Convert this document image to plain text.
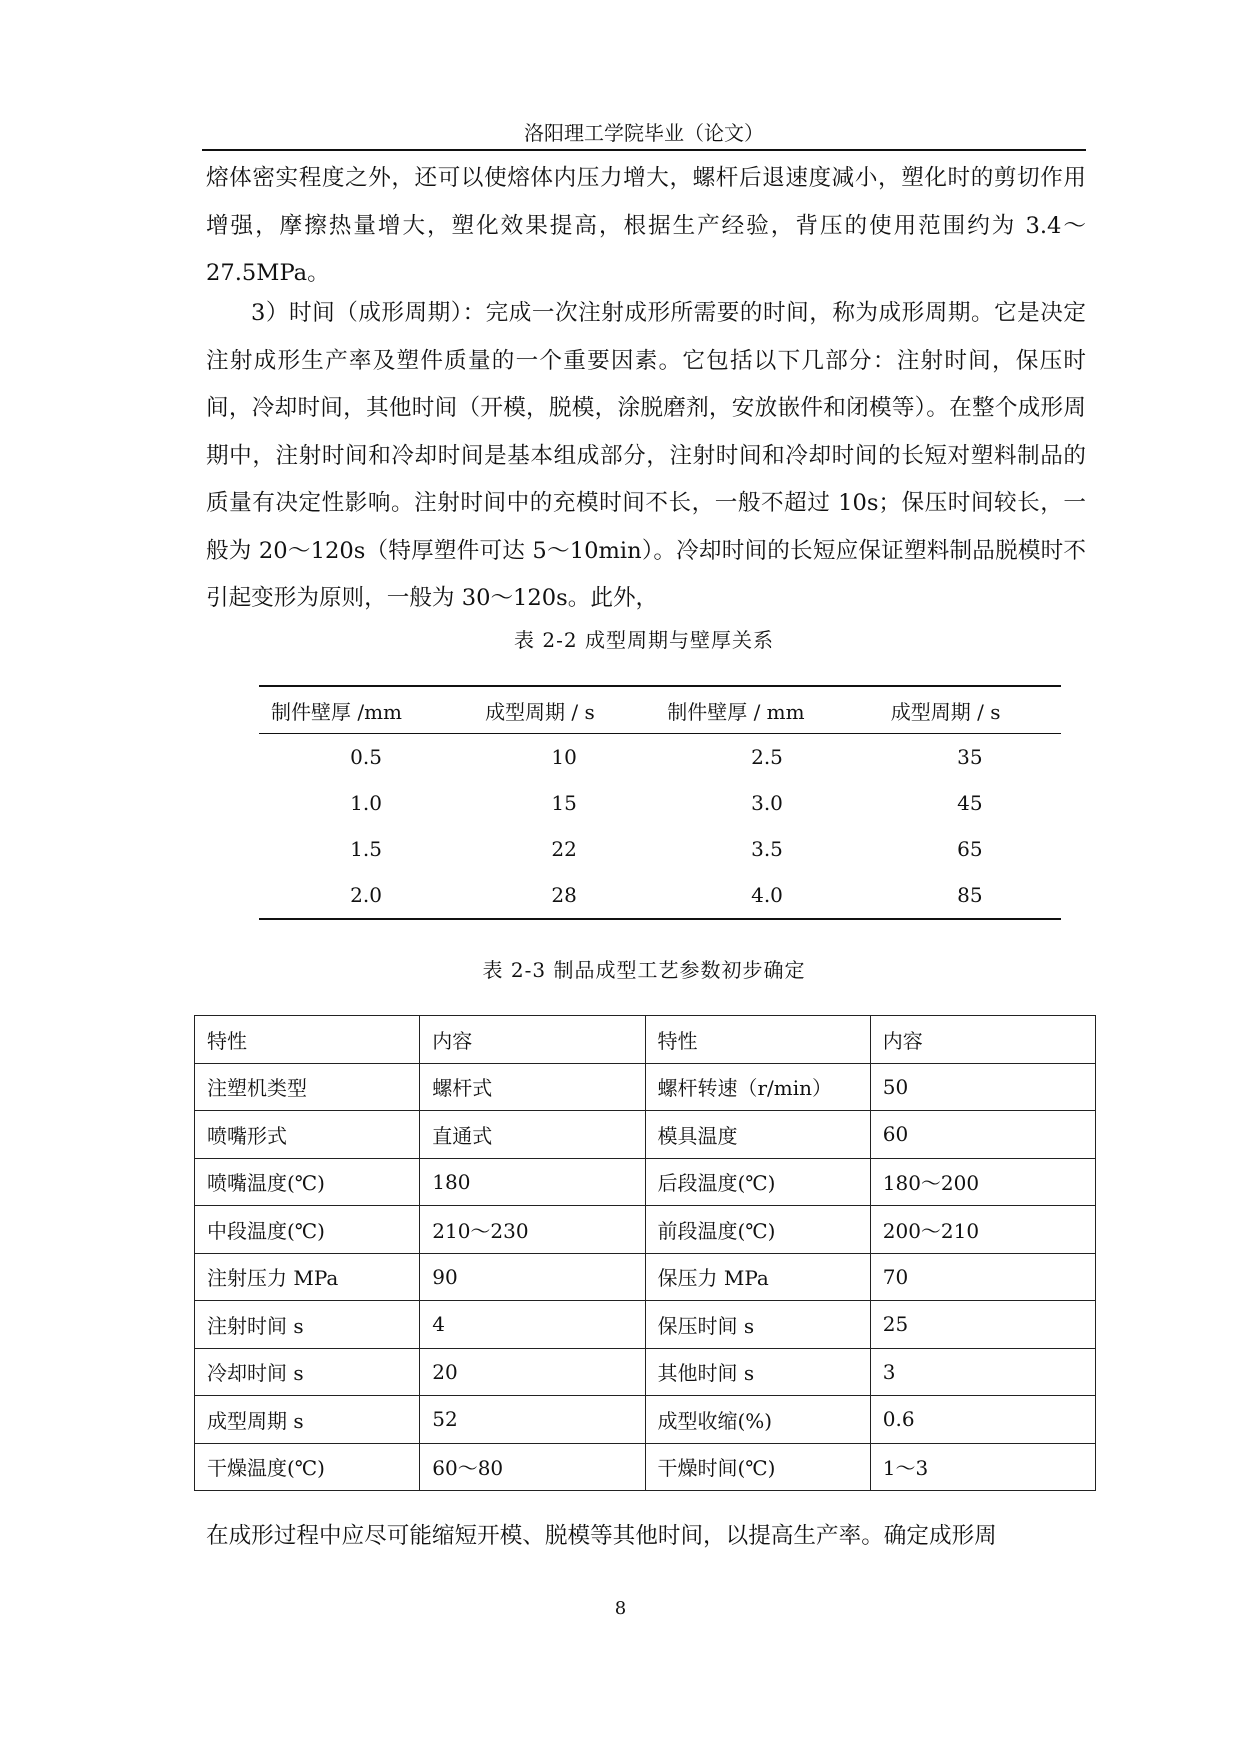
洛阳理工学院毕业（论文）

熔体密实程度之外，还可以使熔体内压力增大，螺杆后退速度减小，塑化时的剪切作用增强，摩擦热量增大，塑化效果提高，根据生产经验，背压的使用范围约为 3.4～27.5MPa。

3）时间（成形周期）：完成一次注射成形所需要的时间，称为成形周期。它是决定注射成形生产率及塑件质量的一个重要因素。它包括以下几部分：注射时间，保压时间，冷却时间，其他时间（开模，脱模，涂脱磨剂，安放嵌件和闭模等）。在整个成形周期中，注射时间和冷却时间是基本组成部分，注射时间和冷却时间的长短对塑料制品的质量有决定性影响。注射时间中的充模时间不长，一般不超过 10s；保压时间较长，一般为 20～120s（特厚塑件可达 5～10min）。冷却时间的长短应保证塑料制品脱模时不引起变形为原则，一般为 30～120s。此外，

表 2-2 成型周期与壁厚关系
制件壁厚 /mm	成型周期 / s	制件壁厚 / mm	成型周期 / s
0.5	10	2.5	35
1.0	15	3.0	45
1.5	22	3.5	65
2.0	28	4.0	85
表 2-3 制品成型工艺参数初步确定
特性	内容	特性	内容
注塑机类型	螺杆式	螺杆转速（r/min）	50
喷嘴形式	直通式	模具温度	60
喷嘴温度(℃)	180	后段温度(℃)	180～200
中段温度(℃)	210～230	前段温度(℃)	200～210
注射压力 MPa	90	保压力 MPa	70
注射时间 s	4	保压时间 s	25
冷却时间 s	20	其他时间 s	3
成型周期 s	52	成型收缩(%)	0.6
干燥温度(℃)	60～80	干燥时间(℃)	1～3

在成形过程中应尽可能缩短开模、脱模等其他时间，以提高生产率。确定成形周

8
